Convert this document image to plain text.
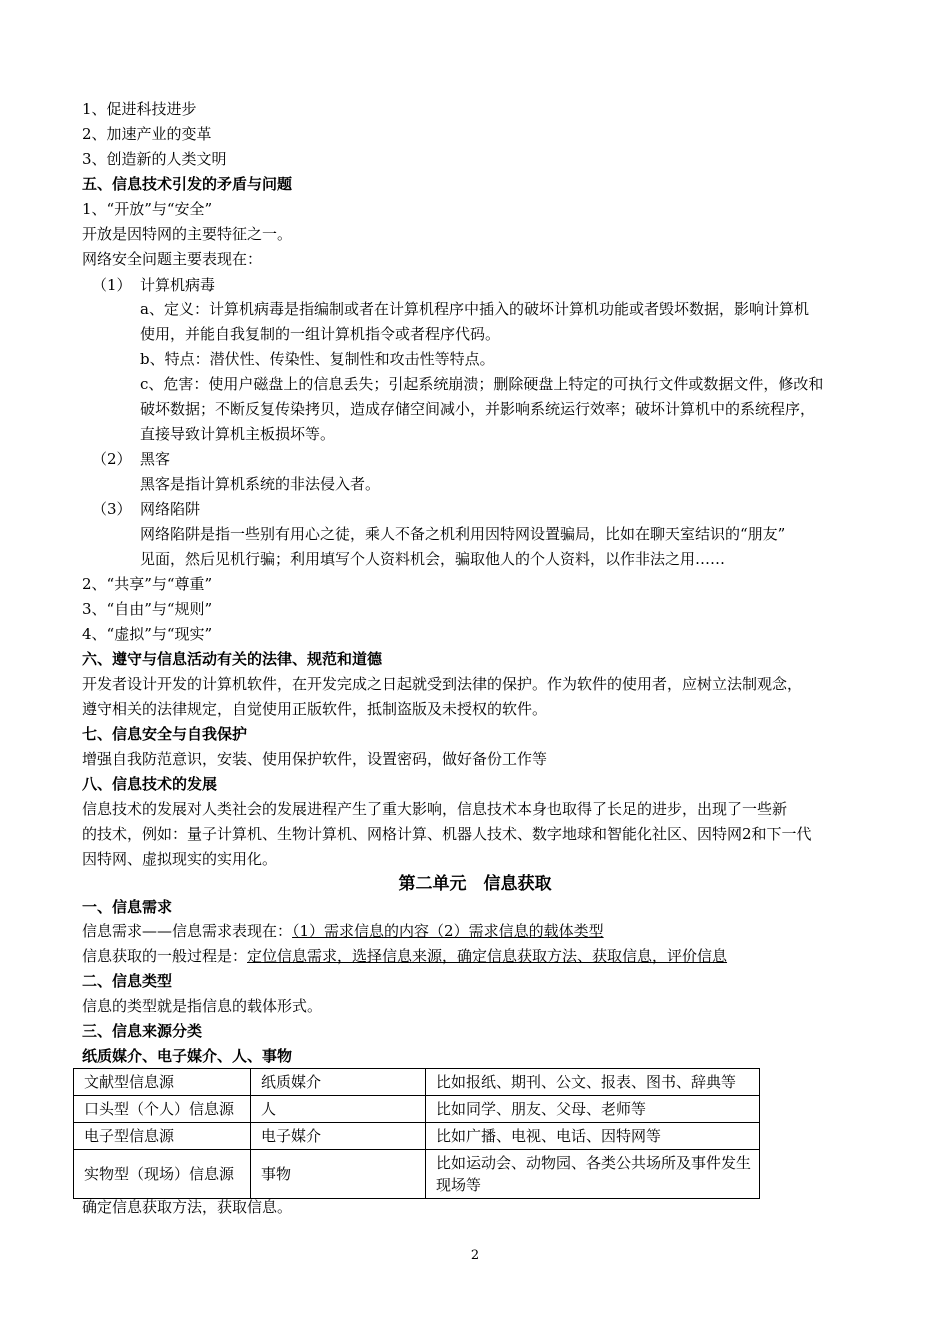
1、促进科技进步
2、加速产业的变革
3、创造新的人类文明
五、信息技术引发的矛盾与问题
1、“开放”与“安全”
开放是因特网的主要特征之一。
网络安全问题主要表现在：
（1） 计算机病毒
a、定义：计算机病毒是指编制或者在计算机程序中插入的破坏计算机功能或者毁坏数据，影响计算机
使用，并能自我复制的一组计算机指令或者程序代码。
b、特点：潜伏性、传染性、复制性和攻击性等特点。
c、危害：使用户磁盘上的信息丢失；引起系统崩溃；删除硬盘上特定的可执行文件或数据文件，修改和
破坏数据；不断反复传染拷贝，造成存储空间减小，并影响系统运行效率；破坏计算机中的系统程序，
直接导致计算机主板损坏等。
（2） 黑客
黑客是指计算机系统的非法侵入者。
（3） 网络陷阱
网络陷阱是指一些别有用心之徒，乘人不备之机利用因特网设置骗局，比如在聊天室结识的“朋友”
见面，然后见机行骗；利用填写个人资料机会，骗取他人的个人资料，以作非法之用……
2、“共享”与“尊重”
3、“自由”与“规则”
4、“虚拟”与“现实”
六、遵守与信息活动有关的法律、规范和道德
开发者设计开发的计算机软件，在开发完成之日起就受到法律的保护。作为软件的使用者，应树立法制观念，
遵守相关的法律规定，自觉使用正版软件，抵制盗版及未授权的软件。
七、信息安全与自我保护
增强自我防范意识，安装、使用保护软件，设置密码，做好备份工作等
八、信息技术的发展
信息技术的发展对人类社会的发展进程产生了重大影响，信息技术本身也取得了长足的进步，出现了一些新
的技术，例如：量子计算机、生物计算机、网格计算、机器人技术、数字地球和智能化社区、因特网2和下一代
因特网、虚拟现实的实用化。
第二单元　信息获取
一、信息需求
信息需求——信息需求表现在：（1）需求信息的内容（2）需求信息的载体类型
信息获取的一般过程是：定位信息需求，选择信息来源，确定信息获取方法、获取信息，评价信息
二、信息类型
信息的类型就是指信息的载体形式。
三、信息来源分类
纸质媒介、电子媒介、人、事物
文献型信息源	纸质媒介	比如报纸、期刊、公文、报表、图书、辞典等
口头型（个人）信息源	人	比如同学、朋友、父母、老师等
电子型信息源	电子媒介	比如广播、电视、电话、因特网等
实物型（现场）信息源	事物	比如运动会、动物园、各类公共场所及事件发生现场等
确定信息获取方法，获取信息。
2
